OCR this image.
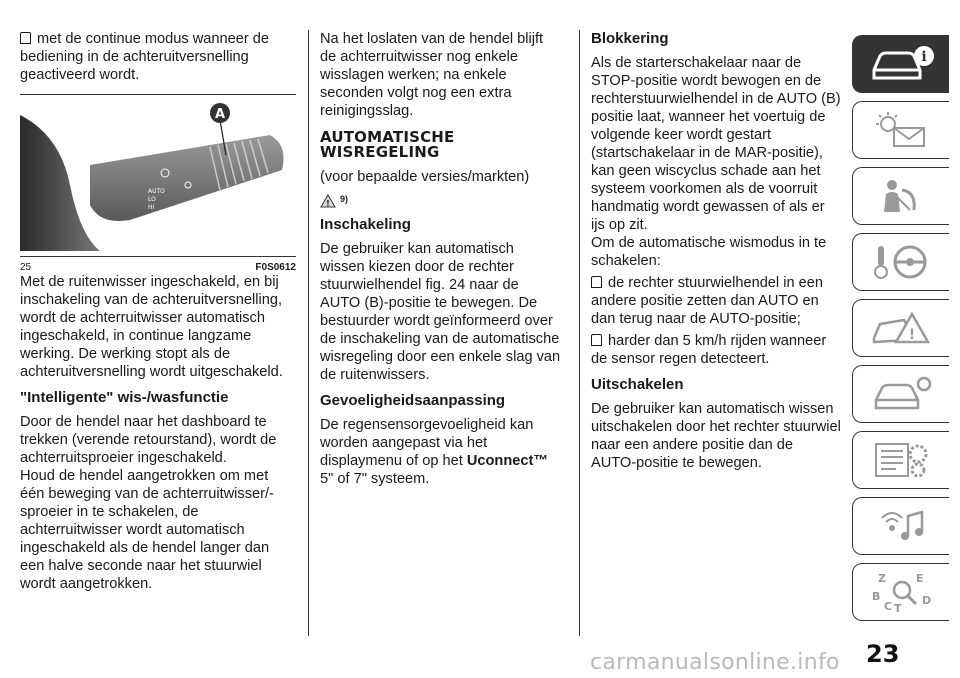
met de continue modus wanneer de bediening in de achteruitversnelling geactiveerd wordt.

AUTO
LO
HI
A
25	F0S0612

Met de ruitenwisser ingeschakeld, en bij inschakeling van de achteruitversnelling, wordt de achterruitwisser automatisch ingeschakeld, in continue langzame werking. De werking stopt als de achteruitversnelling wordt uitgeschakeld.

"Intelligente" wis-/wasfunctie

Door de hendel naar het dashboard te trekken (verende retourstand), wordt de achterruitsproeier ingeschakeld.

Houd de hendel aangetrokken om met één beweging van de achterruitwisser/-sproeier in te schakelen, de achterruitwisser wordt automatisch ingeschakeld als de hendel langer dan een halve seconde naar het stuurwiel wordt aangetrokken.

Na het loslaten van de hendel blijft de achterruitwisser nog enkele wisslagen werken; na enkele seconden volgt nog een extra reinigingsslag.

AUTOMATISCHE
WISREGELING

(voor bepaalde versies/markten)

! 9)
Inschakeling

De gebruiker kan automatisch wissen kiezen door de rechter stuurwielhendel fig. 24 naar de AUTO (B)-positie te bewegen. De bestuurder wordt geïnformeerd over de inschakeling van de automatische wisregeling door een enkele slag van de ruitenwissers.

Gevoeligheidsaanpassing

De regensensorgevoeligheid kan worden aangepast via het displaymenu of op het Uconnect™ 5" of 7" systeem.

Blokkering

Als de starterschakelaar naar de STOP-positie wordt bewogen en de rechterstuurwielhendel in de AUTO (B) positie laat, wanneer het voertuig de volgende keer wordt gestart (startschakelaar in de MAR-positie), kan geen wiscyclus schade aan het systeem voorkomen als de voorruit handmatig wordt gewassen of als er ijs op zit.

Om de automatische wismodus in te schakelen:

de rechter stuurwielhendel in een andere positie zetten dan AUTO en dan terug naar de AUTO-positie;

harder dan 5 km/h rijden wanneer de sensor regen detecteert.

Uitschakelen

De gebruiker kan automatisch wissen uitschakelen door het rechter stuurwiel naar een andere positie dan de AUTO-positie te bewegen.

i
!
Z	E
B
C T
D
23
carmanualsonline.info
